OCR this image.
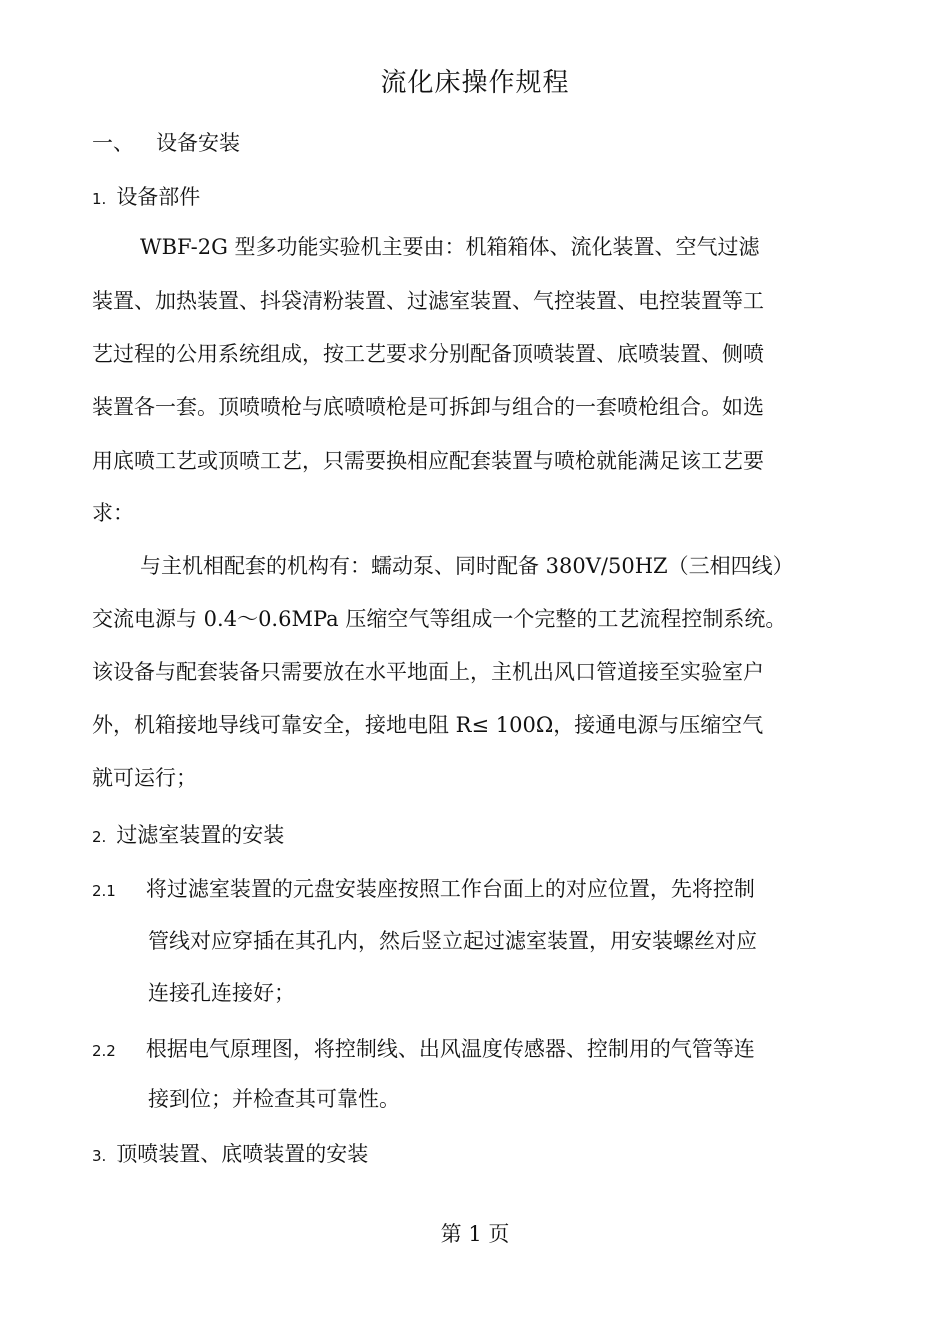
流化床操作规程
一、 设备安装
1. 设备部件
WBF-2G 型多功能实验机主要由：机箱箱体、流化装置、空气过滤
装置、加热装置、抖袋清粉装置、过滤室装置、气控装置、电控装置等工
艺过程的公用系统组成，按工艺要求分别配备顶喷装置、底喷装置、侧喷
装置各一套。顶喷喷枪与底喷喷枪是可拆卸与组合的一套喷枪组合。如选
用底喷工艺或顶喷工艺，只需要换相应配套装置与喷枪就能满足该工艺要
求：
与主机相配套的机构有：蠕动泵、同时配备 380V/50HZ（三相四线）
交流电源与 0.4～0.6MPa 压缩空气等组成一个完整的工艺流程控制系统。
该设备与配套装备只需要放在水平地面上，主机出风口管道接至实验室户
外，机箱接地导线可靠安全，接地电阻 R≤ 100Ω，接通电源与压缩空气
就可运行；
2. 过滤室装置的安装
2.1 将过滤室装置的元盘安装座按照工作台面上的对应位置，先将控制
管线对应穿插在其孔内，然后竖立起过滤室装置，用安装螺丝对应
连接孔连接好；
2.2 根据电气原理图，将控制线、出风温度传感器、控制用的气管等连
接到位；并检查其可靠性。
3. 顶喷装置、底喷装置的安装
第 1 页
